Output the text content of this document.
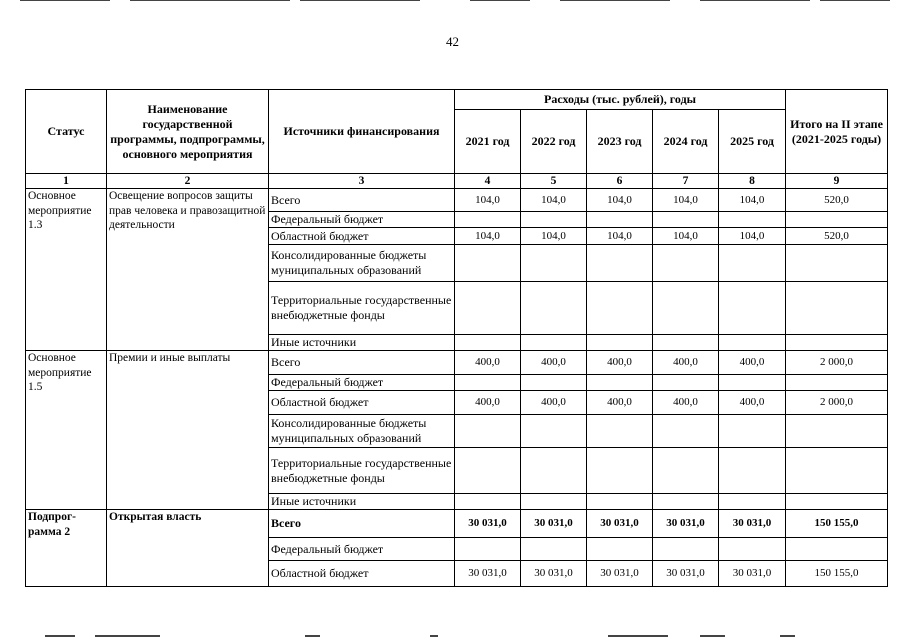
42
Статус	Наименование государственной программы, подпрограммы, основного мероприятия	Источники финансирования	Расходы (тыс. рублей), годы					Итого на II этапе (2021-2025 годы)
			2021 год	2022 год	2023 год	2024 год	2025 год	
1	2	3	4	5	6	7	8	9
Основное мероприятие 1.3	Освещение вопросов защиты прав человека и правозащитной деятельности	Всего	104,0	104,0	104,0	104,0	104,0	520,0
		Федеральный бюджет						
		Областной бюджет	104,0	104,0	104,0	104,0	104,0	520,0
		Консолидированные бюджеты муниципальных образований						
		Территориальные государственные внебюджетные фонды						
		Иные источники						
Основное мероприятие 1.5	Премии и иные выплаты	Всего	400,0	400,0	400,0	400,0	400,0	2 000,0
		Федеральный бюджет						
		Областной бюджет	400,0	400,0	400,0	400,0	400,0	2 000,0
		Консолидированные бюджеты муниципальных образований						
		Территориальные государственные внебюджетные фонды						
		Иные источники						
Подпрог-рамма 2	Открытая власть	Всего	30 031,0	30 031,0	30 031,0	30 031,0	30 031,0	150 155,0
		Федеральный бюджет						
		Областной бюджет	30 031,0	30 031,0	30 031,0	30 031,0	30 031,0	150 155,0
